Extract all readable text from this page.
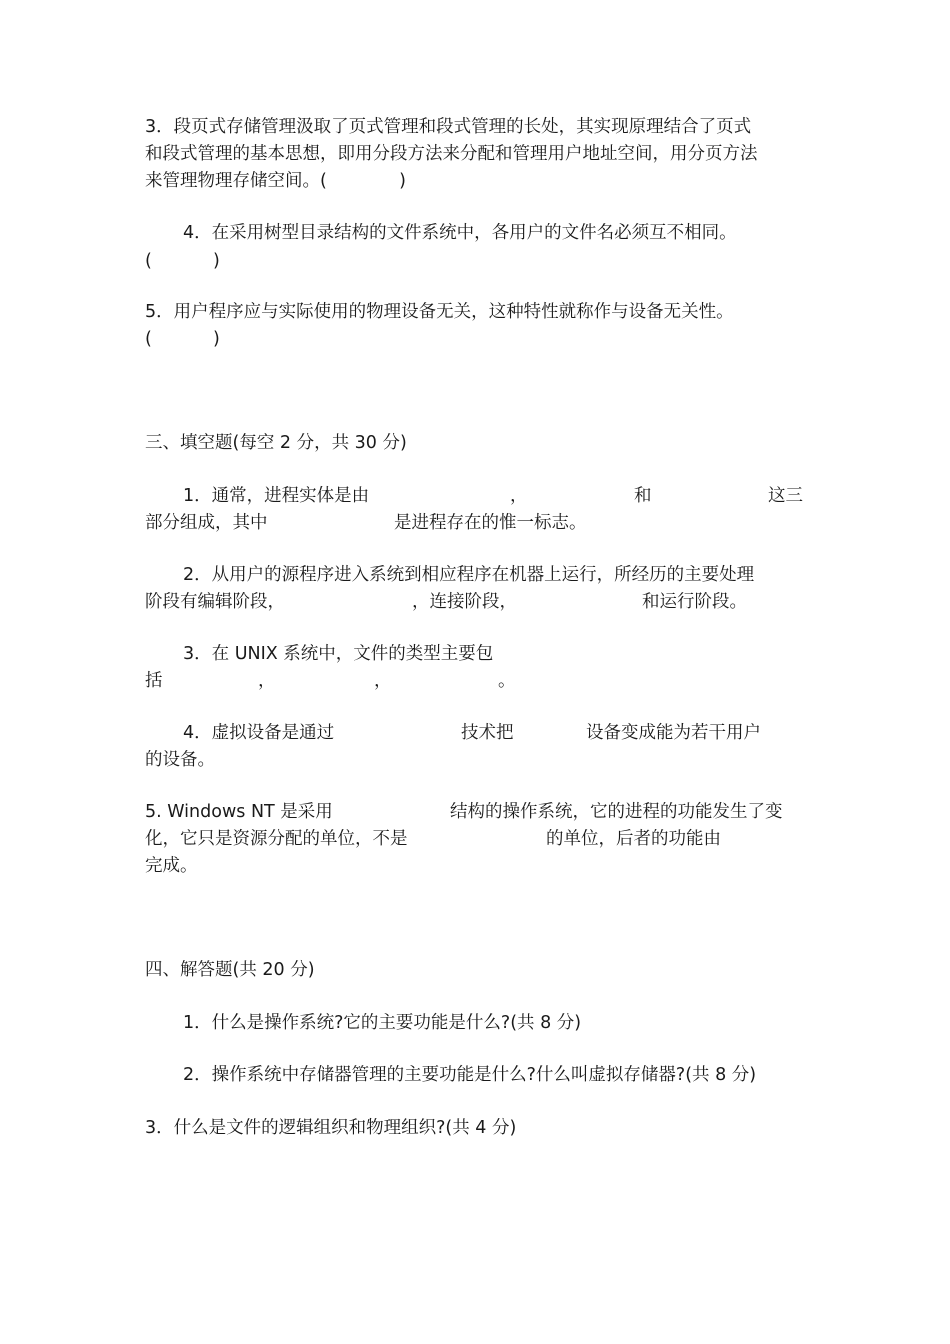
3．段页式存储管理汲取了页式管理和段式管理的长处，其实现原理结合了页式

和段式管理的基本思想，即用分段方法来分配和管理用户地址空间，用分页方法

来管理物理存储空间。(             )

4．在采用树型目录结构的文件系统中，各用户的文件名必须互不相同。

(           )

5．用户程序应与实际使用的物理设备无关，这种特性就称作与设备无关性。

(           )

三、填空题(每空 2 分，共 30 分)

1．通常，进程实体是由	，	和	这三

部分组成，其中	是进程存在的惟一标志。

2．从用户的源程序进入系统到相应程序在机器上运行，所经历的主要处理

阶段有编辑阶段，	，连接阶段，	和运行阶段。

3．在 UNIX 系统中，文件的类型主要包

括	，	，	。

4．虚拟设备是通过	技术把	设备变成能为若干用户

的设备。

5. Windows NT 是采用	结构的操作系统，它的进程的功能发生了变

化，它只是资源分配的单位，不是	的单位，后者的功能由

完成。

四、解答题(共 20 分)

1．什么是操作系统?它的主要功能是什么?(共 8 分)

2．操作系统中存储器管理的主要功能是什么?什么叫虚拟存储器?(共 8 分)

3．什么是文件的逻辑组织和物理组织?(共 4 分)
